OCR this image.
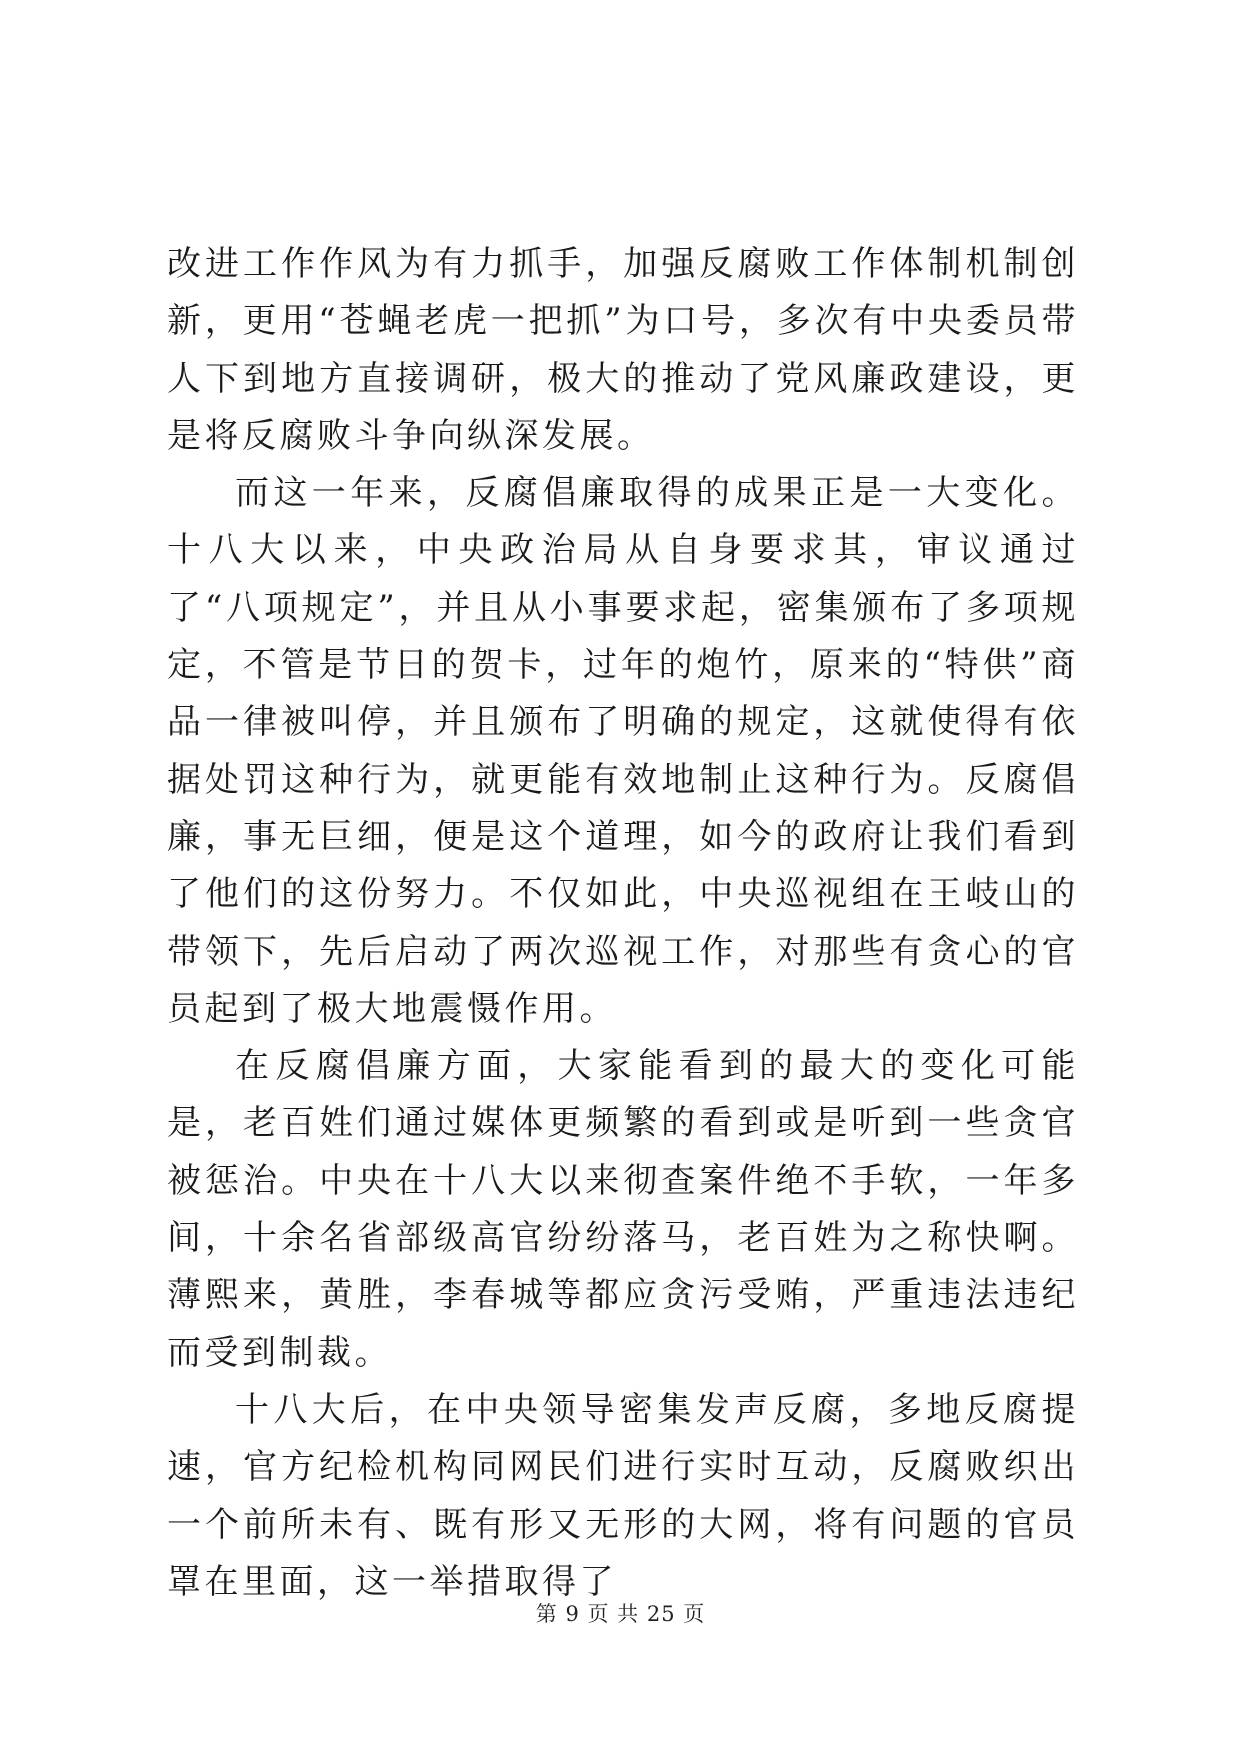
改进工作作风为有力抓手，加强反腐败工作体制机制创新，更用“苍蝇老虎一把抓”为口号，多次有中央委员带人下到地方直接调研，极大的推动了党风廉政建设，更是将反腐败斗争向纵深发展。

而这一年来，反腐倡廉取得的成果正是一大变化。十八大以来，中央政治局从自身要求其，审议通过了“八项规定”，并且从小事要求起，密集颁布了多项规定，不管是节日的贺卡，过年的炮竹，原来的“特供”商品一律被叫停，并且颁布了明确的规定，这就使得有依据处罚这种行为，就更能有效地制止这种行为。反腐倡廉，事无巨细，便是这个道理，如今的政府让我们看到了他们的这份努力。不仅如此，中央巡视组在王岐山的带领下，先后启动了两次巡视工作，对那些有贪心的官员起到了极大地震慑作用。

在反腐倡廉方面，大家能看到的最大的变化可能是，老百姓们通过媒体更频繁的看到或是听到一些贪官被惩治。中央在十八大以来彻查案件绝不手软，一年多间，十余名省部级高官纷纷落马，老百姓为之称快啊。薄熙来，黄胜，李春城等都应贪污受贿，严重违法违纪而受到制裁。

十八大后，在中央领导密集发声反腐，多地反腐提速，官方纪检机构同网民们进行实时互动，反腐败织出一个前所未有、既有形又无形的大网，将有问题的官员罩在里面，这一举措取得了

第 9 页 共 25 页
